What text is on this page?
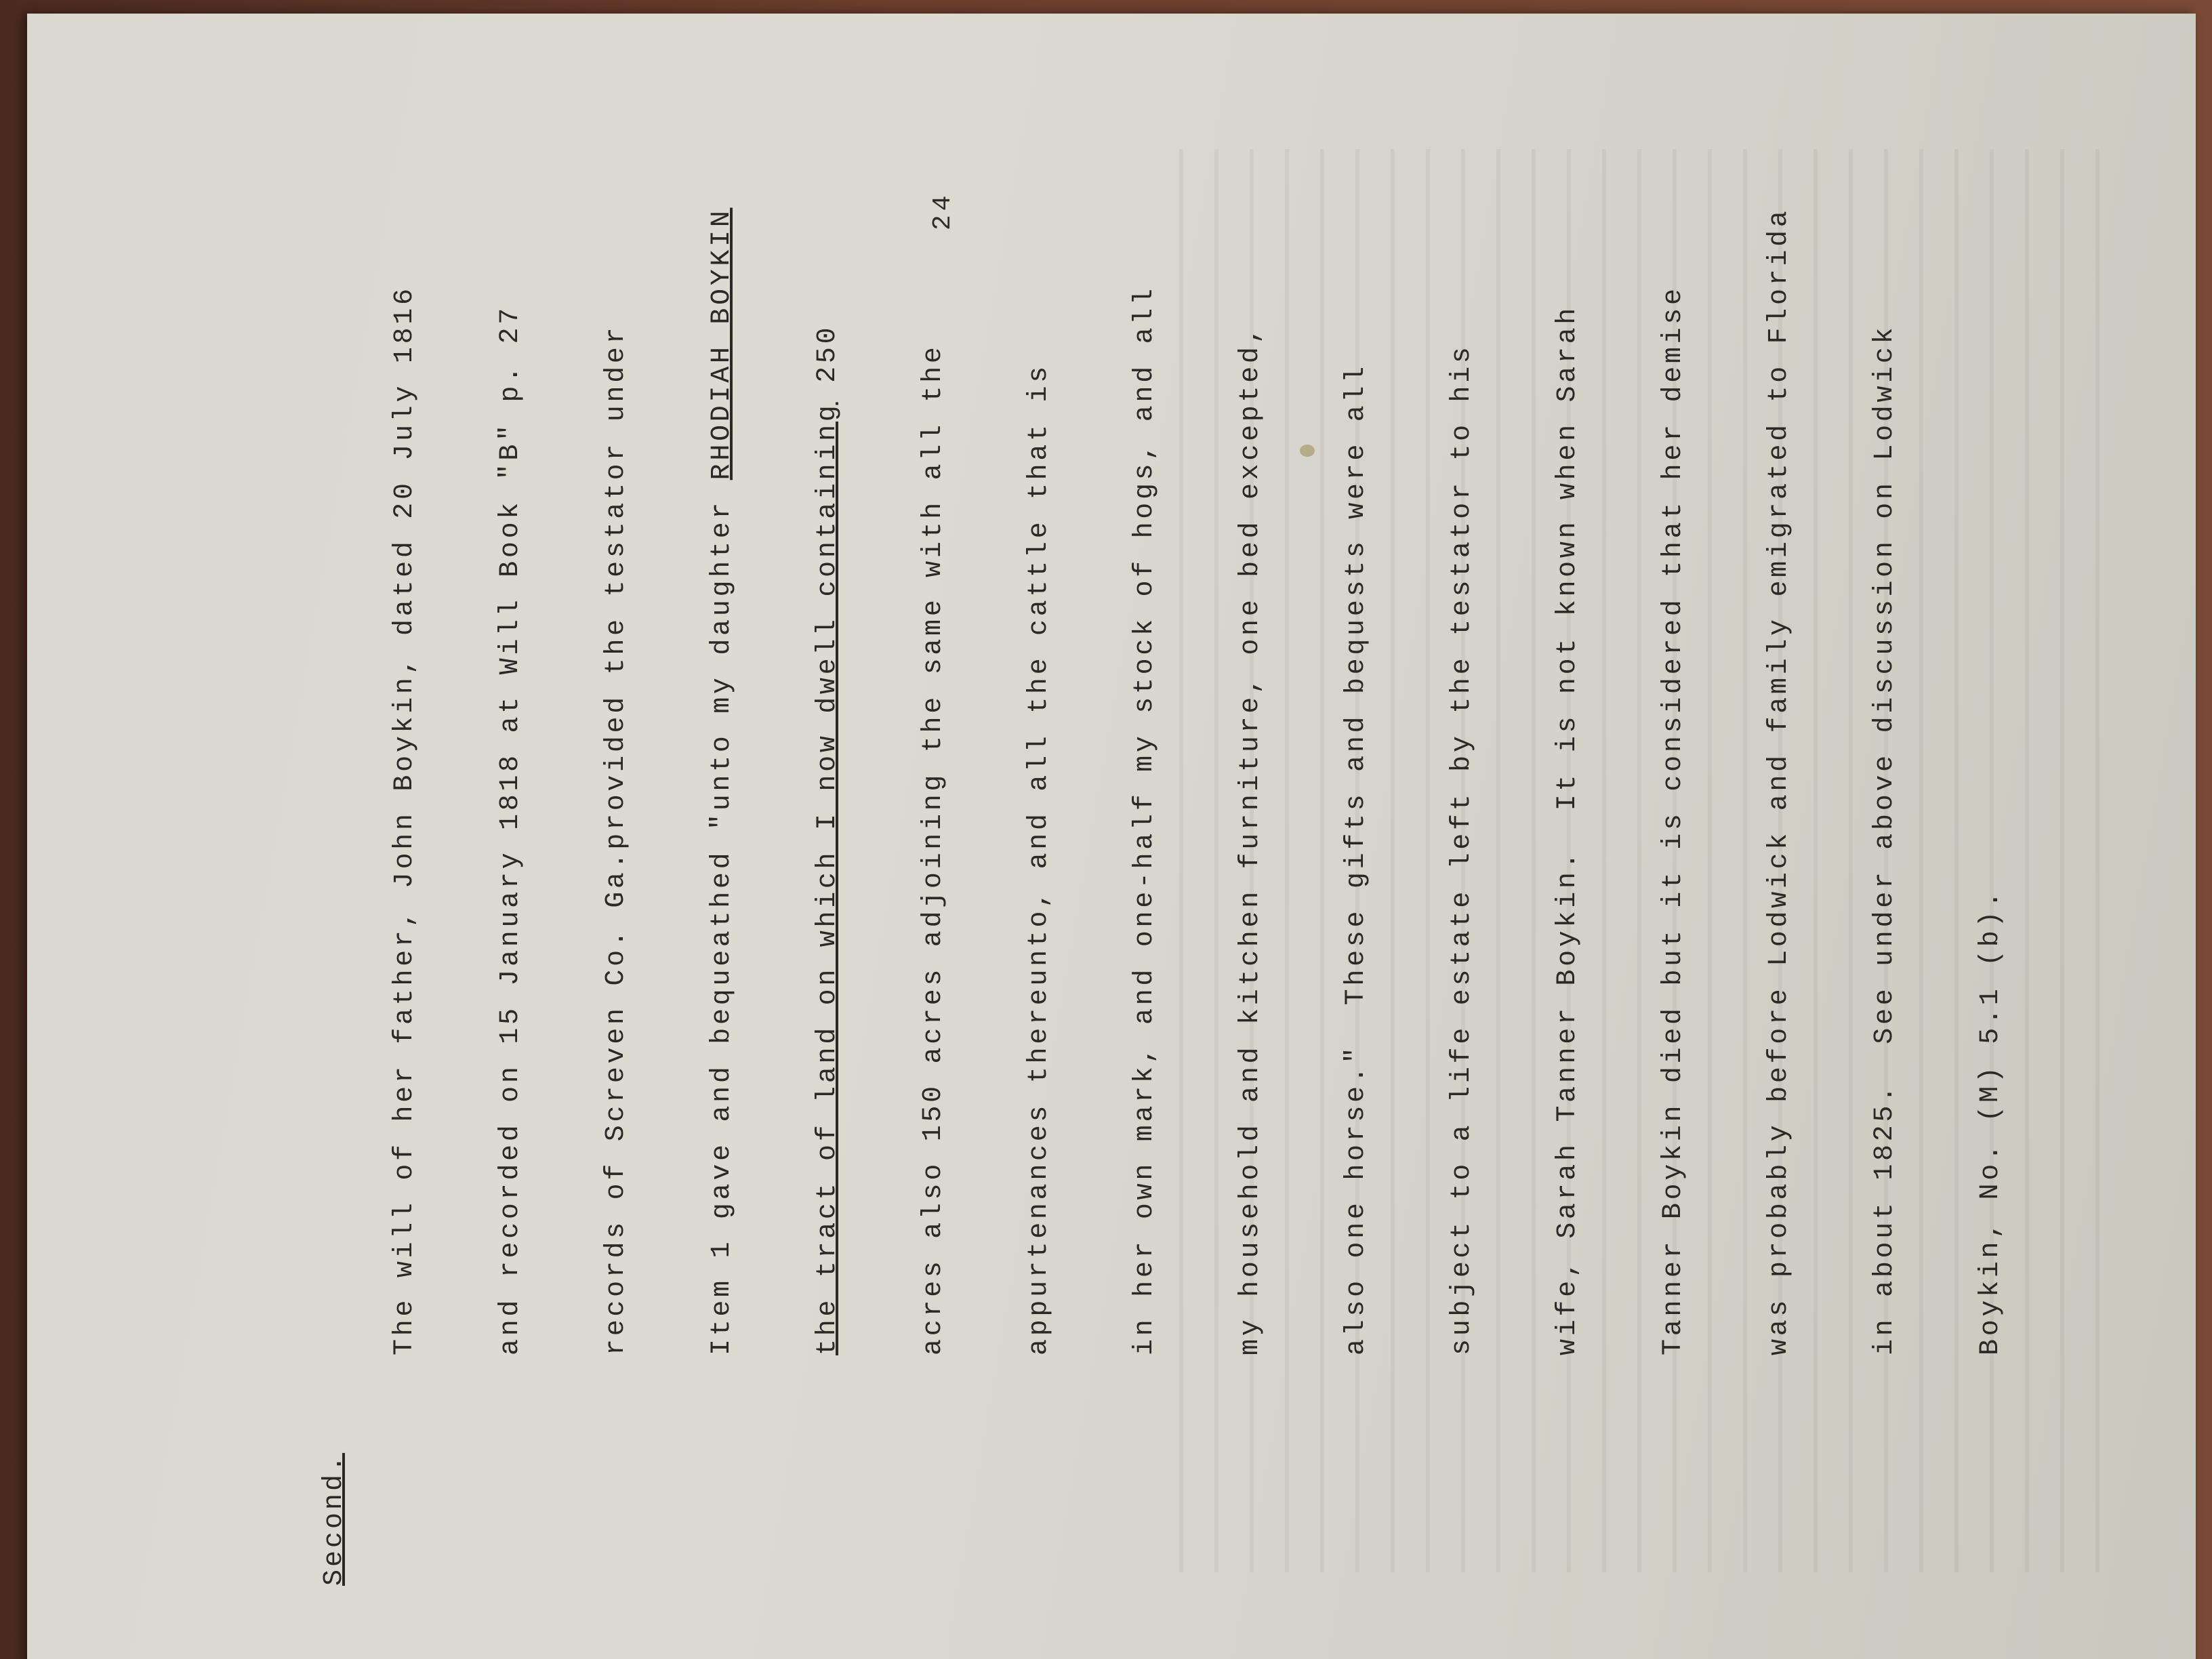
24
Second.

The will of her father, John Boykin, dated 20 July 1816

	and recorded on 15 January 1818 at Will Book "B" p. 27

	records of Screven Co. Ga.provided the testator under

	Item 1 gave and bequeathed "unto my daughter RHODIAH BOYKIN

the tract of land on which I now dwell containing 250

	acres also 150 acres adjoining the same with all the

	appurtenances thereunto, and all the cattle that is

	in her own mark, and one-half my stock of hogs, and all

	my household and kitchen furniture, one bed excepted,

	also one horse."  These gifts and bequests were all

	subject to a life estate left by the testator to his

	wife, Sarah Tanner Boykin.  It is not known when Sarah

	Tanner Boykin died but it is considered that her demise

	was probably before Lodwick and family emigrated to Florida

	in about 1825.  See under above discussion on Lodwick

	Boykin, No. (M) 5.1 (b).
